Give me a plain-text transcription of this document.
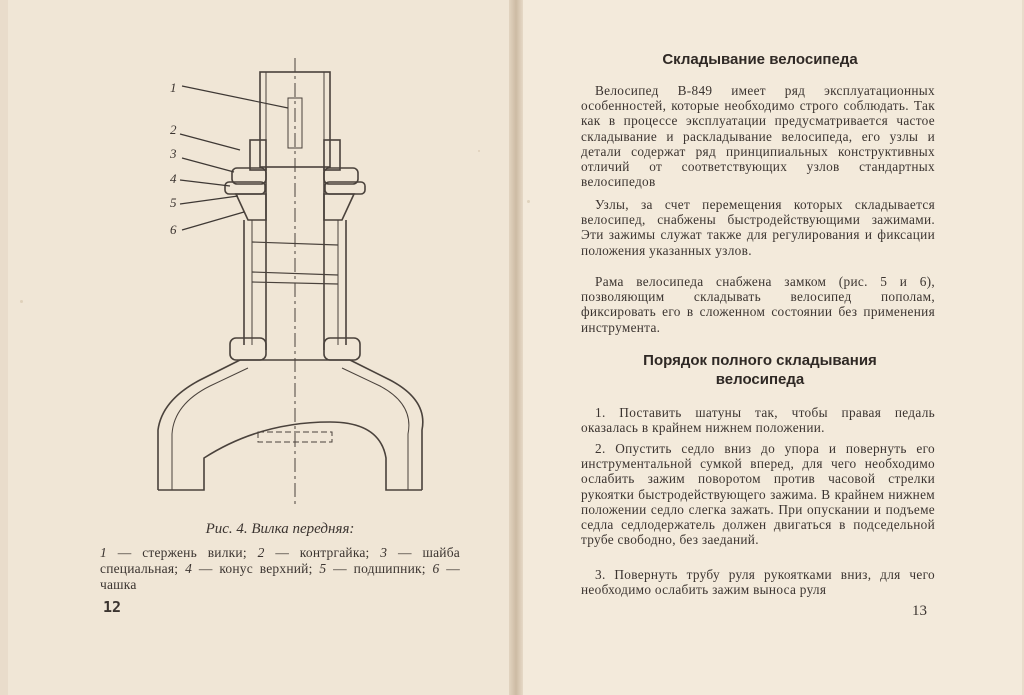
1
2
3
4
5
6
Рис. 4. Вилка передняя:
1 — стержень вилки; 2 — контргайка; 3 — шайба специальная; 4 — конус верхний; 5 — подшипник; 6 — чашка
12
Складывание велосипеда

Велосипед В-849 имеет ряд эксплуатационных особенностей, которые необходимо строго соблюдать. Так как в процессе эксплуатации предусматривается частое складывание и раскладывание велосипеда, его узлы и детали содержат ряд принципиальных конструктивных отличий от соответствующих узлов стандартных велосипедов

Узлы, за счет перемещения которых складывается велосипед, снабжены быстродействующими зажимами. Эти зажимы служат также для регулирования и фиксации положения указанных узлов.

Рама велосипеда снабжена замком (рис. 5 и 6), позволяющим складывать велосипед пополам, фиксировать его в сложенном состоянии без применения инструмента.

Порядок полного складывания велосипеда

1. Поставить шатуны так, чтобы правая педаль оказалась в крайнем нижнем положении.

2. Опустить седло вниз до упора и повернуть его инструментальной сумкой вперед, для чего необходимо ослабить зажим поворотом против часовой стрелки рукоятки быстродействующего зажима. В крайнем нижнем положении седло слегка зажать. При опускании и подъеме седла седлодержатель должен двигаться в подседельной трубе свободно, без заеданий.

3. Повернуть трубу руля рукоятками вниз, для чего необходимо ослабить зажим выноса руля

13
